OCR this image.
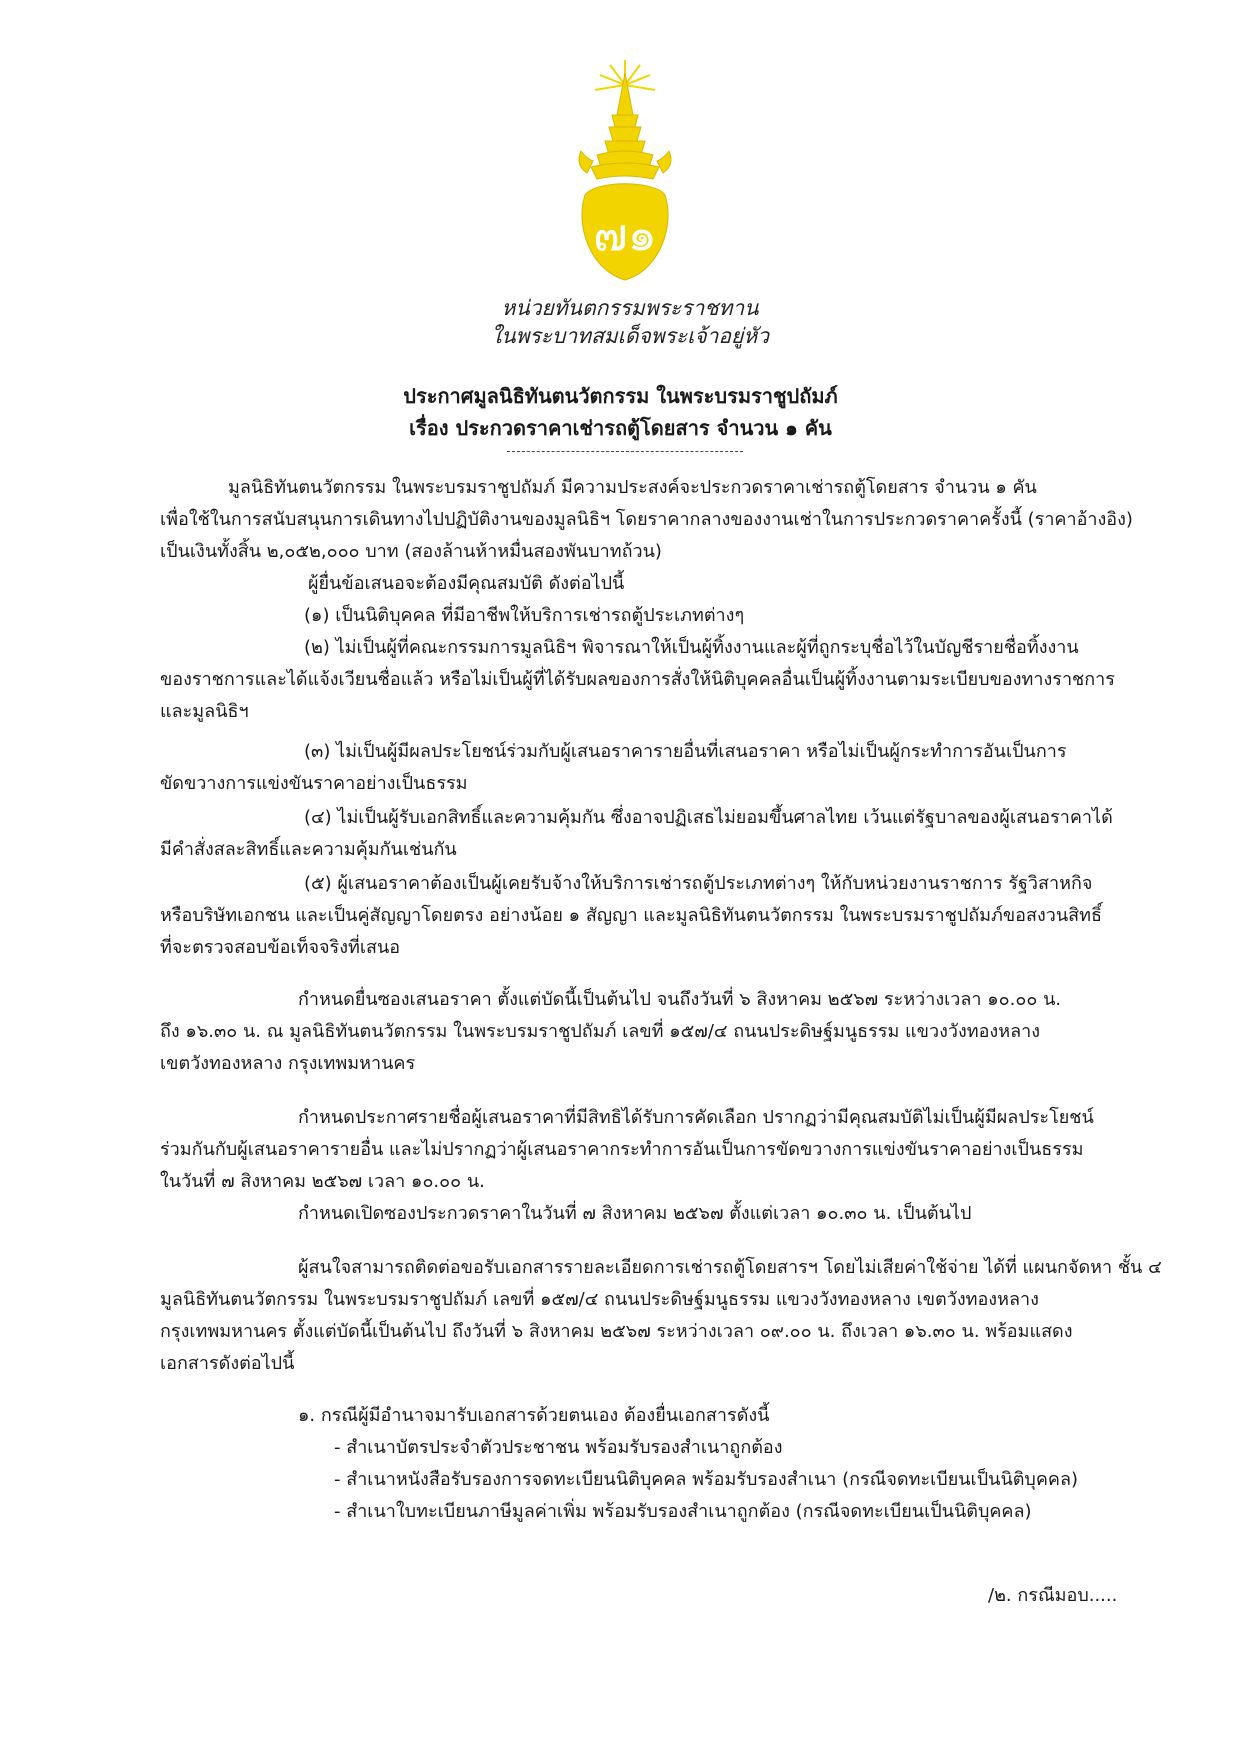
๗๑
หน่วยทันตกรรมพระราชทาน
ในพระบาทสมเด็จพระเจ้าอยู่หัว
ประกาศมูลนิธิทันตนวัตกรรม ในพระบรมราชูปถัมภ์
เรื่อง ประกวดราคาเช่ารถตู้โดยสาร จำนวน ๑ คัน
มูลนิธิทันตนวัตกรรม ในพระบรมราชูปถัมภ์ มีความประสงค์จะประกวดราคาเช่ารถตู้โดยสาร จำนวน ๑ คัน
เพื่อใช้ในการสนับสนุนการเดินทางไปปฏิบัติงานของมูลนิธิฯ โดยราคากลางของงานเช่าในการประกวดราคาครั้งนี้ (ราคาอ้างอิง)
เป็นเงินทั้งสิ้น ๒,๐๕๒,๐๐๐ บาท (สองล้านห้าหมื่นสองพันบาทถ้วน)
ผู้ยื่นข้อเสนอจะต้องมีคุณสมบัติ ดังต่อไปนี้
(๑) เป็นนิติบุคคล ที่มีอาชีพให้บริการเช่ารถตู้ประเภทต่างๆ
(๒) ไม่เป็นผู้ที่คณะกรรมการมูลนิธิฯ พิจารณาให้เป็นผู้ทิ้งงานและผู้ที่ถูกระบุชื่อไว้ในบัญชีรายชื่อทิ้งงาน
ของราชการและได้แจ้งเวียนชื่อแล้ว หรือไม่เป็นผู้ที่ได้รับผลของการสั่งให้นิติบุคคลอื่นเป็นผู้ทิ้งงานตามระเบียบของทางราชการ
และมูลนิธิฯ
(๓) ไม่เป็นผู้มีผลประโยชน์ร่วมกับผู้เสนอราคารายอื่นที่เสนอราคา หรือไม่เป็นผู้กระทำการอันเป็นการ
ขัดขวางการแข่งขันราคาอย่างเป็นธรรม
(๔) ไม่เป็นผู้รับเอกสิทธิ์และความคุ้มกัน ซึ่งอาจปฏิเสธไม่ยอมขึ้นศาลไทย เว้นแต่รัฐบาลของผู้เสนอราคาได้
มีคำสั่งสละสิทธิ์และความคุ้มกันเช่นกัน
(๕) ผู้เสนอราคาต้องเป็นผู้เคยรับจ้างให้บริการเช่ารถตู้ประเภทต่างๆ ให้กับหน่วยงานราชการ รัฐวิสาหกิจ
หรือบริษัทเอกชน และเป็นคู่สัญญาโดยตรง อย่างน้อย ๑ สัญญา และมูลนิธิทันตนวัตกรรม ในพระบรมราชูปถัมภ์ขอสงวนสิทธิ์
ที่จะตรวจสอบข้อเท็จจริงที่เสนอ
กำหนดยื่นซองเสนอราคา ตั้งแต่บัดนี้เป็นต้นไป จนถึงวันที่ ๖ สิงหาคม ๒๕๖๗ ระหว่างเวลา ๑๐.๐๐ น.
ถึง ๑๖.๓๐ น. ณ มูลนิธิทันตนวัตกรรม ในพระบรมราชูปถัมภ์ เลขที่ ๑๕๗/๔ ถนนประดิษฐ์มนูธรรม แขวงวังทองหลาง
เขตวังทองหลาง กรุงเทพมหานคร
กำหนดประกาศรายชื่อผู้เสนอราคาที่มีสิทธิได้รับการคัดเลือก ปรากฏว่ามีคุณสมบัติไม่เป็นผู้มีผลประโยชน์
ร่วมกันกับผู้เสนอราคารายอื่น และไม่ปรากฏว่าผู้เสนอราคากระทำการอันเป็นการขัดขวางการแข่งขันราคาอย่างเป็นธรรม
ในวันที่ ๗ สิงหาคม ๒๕๖๗ เวลา ๑๐.๐๐ น.
กำหนดเปิดซองประกวดราคาในวันที่ ๗ สิงหาคม ๒๕๖๗ ตั้งแต่เวลา ๑๐.๓๐ น. เป็นต้นไป
ผู้สนใจสามารถติดต่อขอรับเอกสารรายละเอียดการเช่ารถตู้โดยสารฯ โดยไม่เสียค่าใช้จ่าย ได้ที่ แผนกจัดหา ชั้น ๔
มูลนิธิทันตนวัตกรรม ในพระบรมราชูปถัมภ์ เลขที่ ๑๕๗/๔ ถนนประดิษฐ์มนูธรรม แขวงวังทองหลาง เขตวังทองหลาง
กรุงเทพมหานคร ตั้งแต่บัดนี้เป็นต้นไป ถึงวันที่ ๖ สิงหาคม ๒๕๖๗ ระหว่างเวลา ๐๙.๐๐ น. ถึงเวลา ๑๖.๓๐ น. พร้อมแสดง
เอกสารดังต่อไปนี้
๑. กรณีผู้มีอำนาจมารับเอกสารด้วยตนเอง ต้องยื่นเอกสารดังนี้
- สำเนาบัตรประจำตัวประชาชน พร้อมรับรองสำเนาถูกต้อง
- สำเนาหนังสือรับรองการจดทะเบียนนิติบุคคล พร้อมรับรองสำเนา (กรณีจดทะเบียนเป็นนิติบุคคล)
- สำเนาใบทะเบียนภาษีมูลค่าเพิ่ม พร้อมรับรองสำเนาถูกต้อง (กรณีจดทะเบียนเป็นนิติบุคคล)
/๒. กรณีมอบ.....
